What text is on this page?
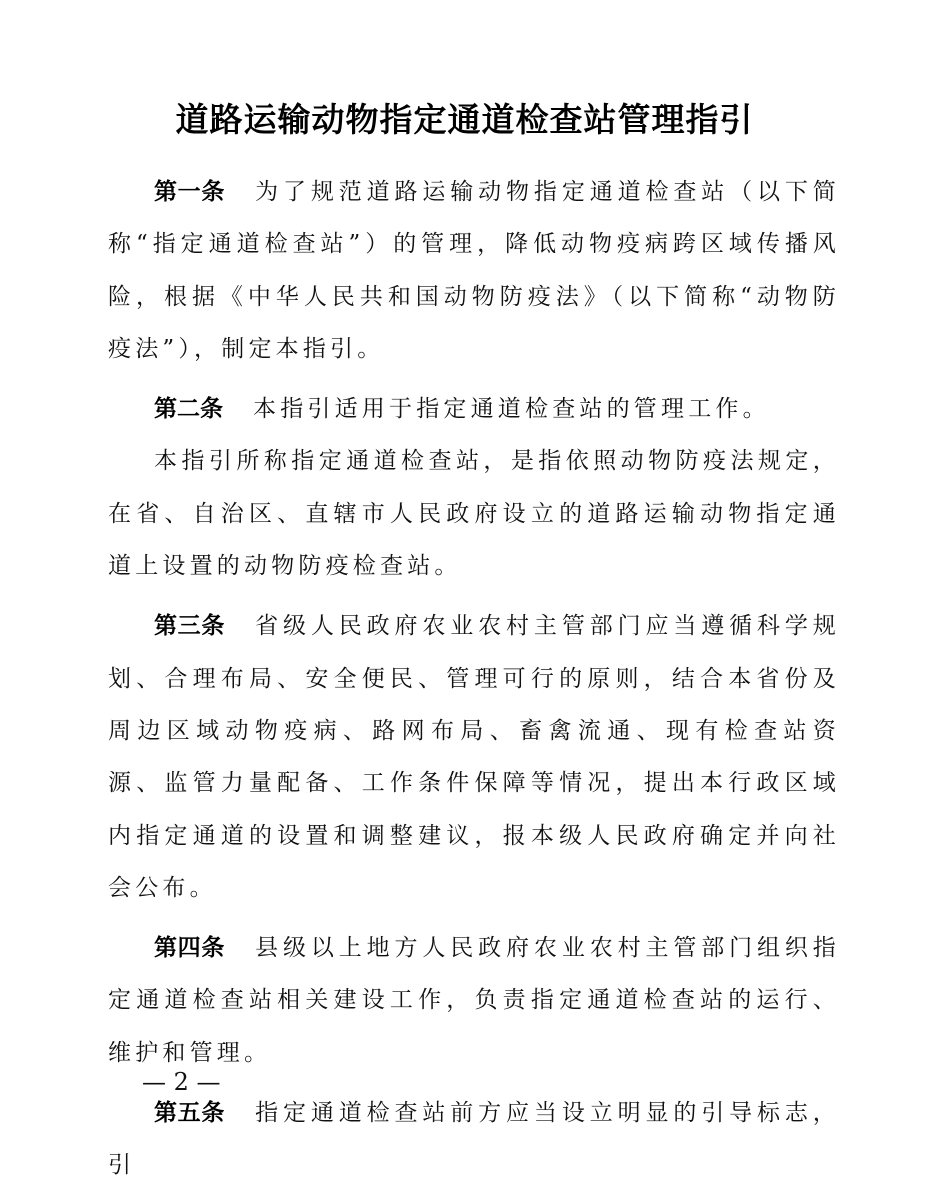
道路运输动物指定通道检查站管理指引

第一条 为了规范道路运输动物指定通道检查站（以下简称“指定通道检查站”）的管理，降低动物疫病跨区域传播风险，根据《中华人民共和国动物防疫法》（以下简称“动物防疫法”），制定本指引。

第二条 本指引适用于指定通道检查站的管理工作。

本指引所称指定通道检查站，是指依照动物防疫法规定，在省、自治区、直辖市人民政府设立的道路运输动物指定通道上设置的动物防疫检查站。

第三条 省级人民政府农业农村主管部门应当遵循科学规划、合理布局、安全便民、管理可行的原则，结合本省份及周边区域动物疫病、路网布局、畜禽流通、现有检查站资源、监管力量配备、工作条件保障等情况，提出本行政区域内指定通道的设置和调整建议，报本级人民政府确定并向社会公布。

第四条 县级以上地方人民政府农业农村主管部门组织指定通道检查站相关建设工作，负责指定通道检查站的运行、维护和管理。

第五条 指定通道检查站前方应当设立明显的引导标志，引

— 2 —
